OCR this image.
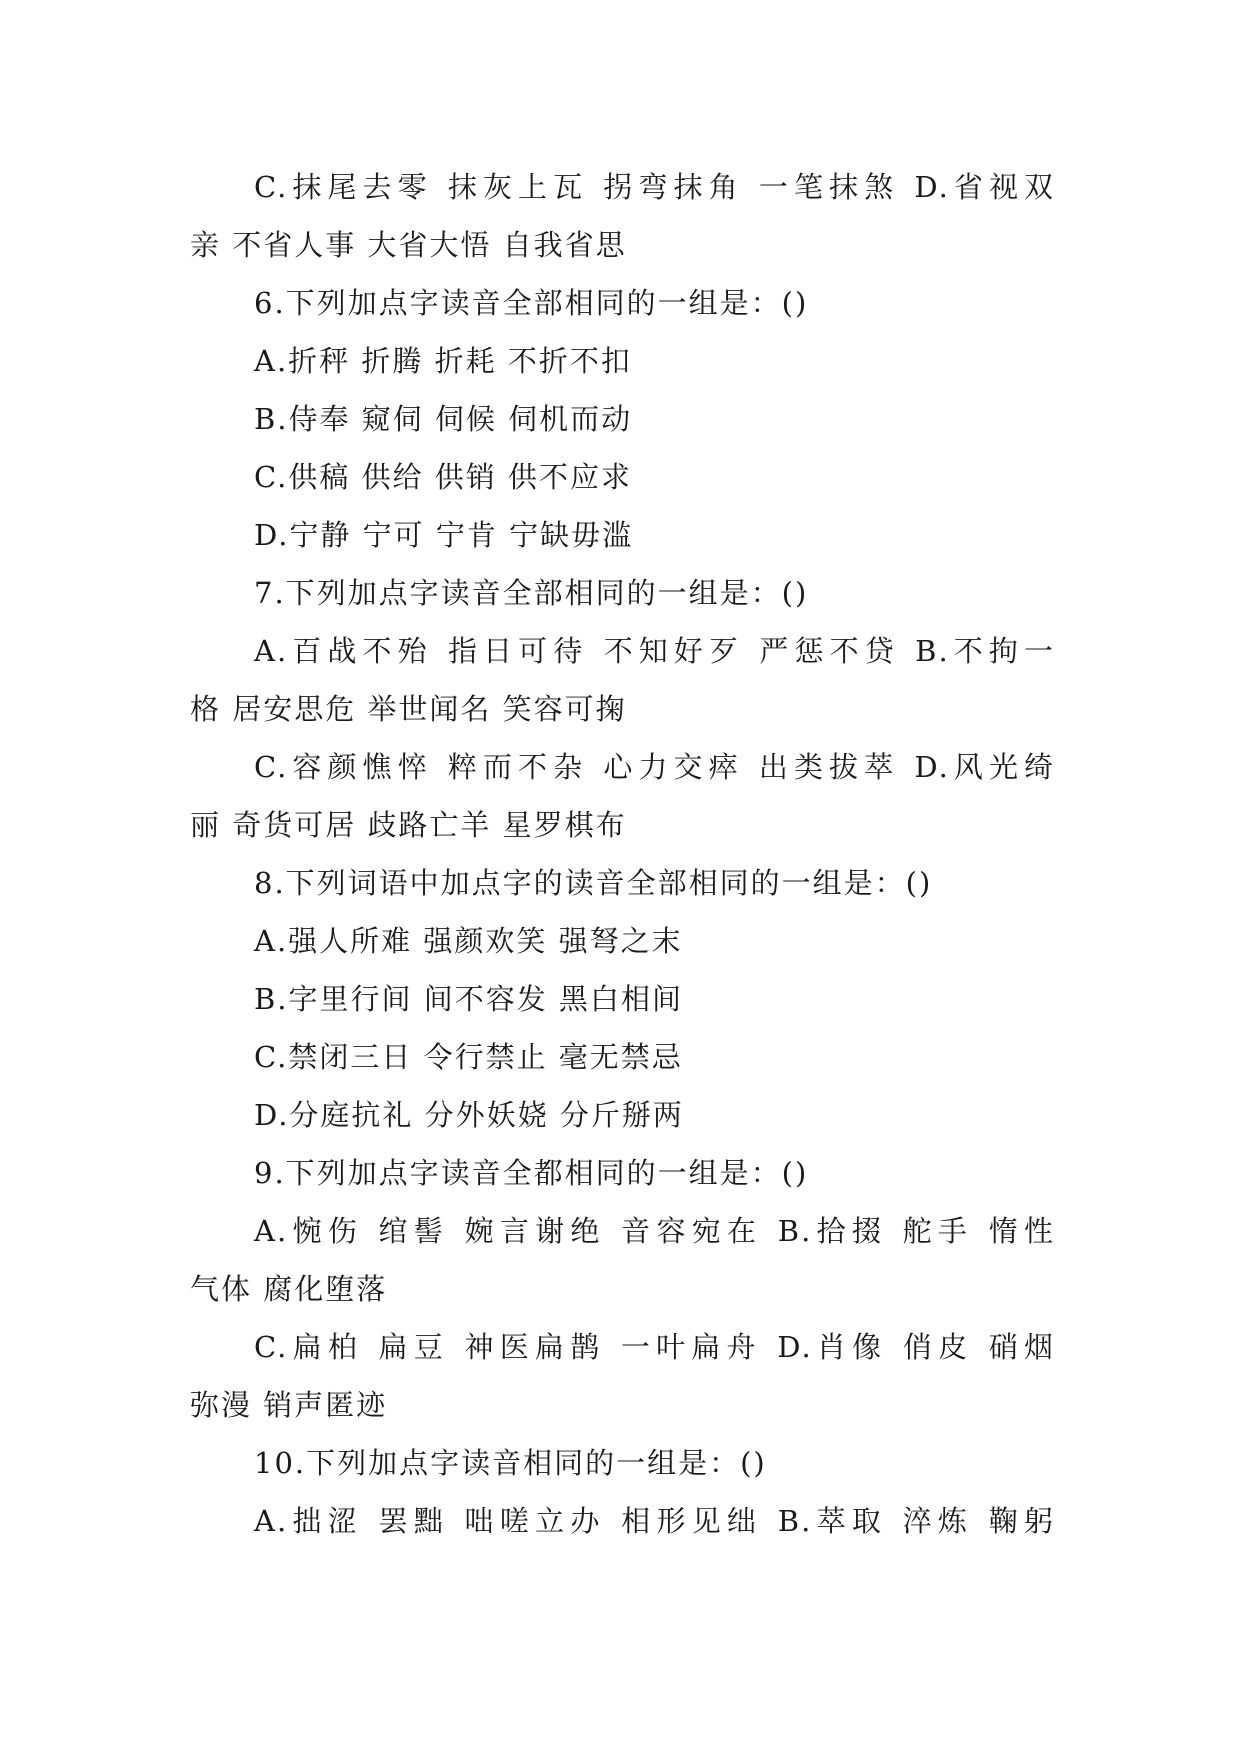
C.抹尾去零 抹灰上瓦 拐弯抹角 一笔抹煞 D.省视双
亲 不省人事 大省大悟 自我省思
6.下列加点字读音全部相同的一组是：()
A.折秤 折腾 折耗 不折不扣
B.侍奉 窥伺 伺候 伺机而动
C.供稿 供给 供销 供不应求
D.宁静 宁可 宁肯 宁缺毋滥
7.下列加点字读音全部相同的一组是：()
A.百战不殆 指日可待 不知好歹 严惩不贷 B.不拘一
格 居安思危 举世闻名 笑容可掬
C.容颜憔悴 粹而不杂 心力交瘁 出类拔萃 D.风光绮
丽 奇货可居 歧路亡羊 星罗棋布
8.下列词语中加点字的读音全部相同的一组是：()
A.强人所难 强颜欢笑 强弩之末
B.字里行间 间不容发 黑白相间
C.禁闭三日 令行禁止 毫无禁忌
D.分庭抗礼 分外妖娆 分斤掰两
9.下列加点字读音全都相同的一组是：()
A.惋伤 绾髻 婉言谢绝 音容宛在 B.拾掇 舵手 惰性
气体 腐化堕落
C.扁柏 扁豆 神医扁鹊 一叶扁舟 D.肖像 俏皮 硝烟
弥漫 销声匿迹
10.下列加点字读音相同的一组是：()
A.拙涩 罢黜 咄嗟立办 相形见绌 B.萃取 淬炼 鞠躬
